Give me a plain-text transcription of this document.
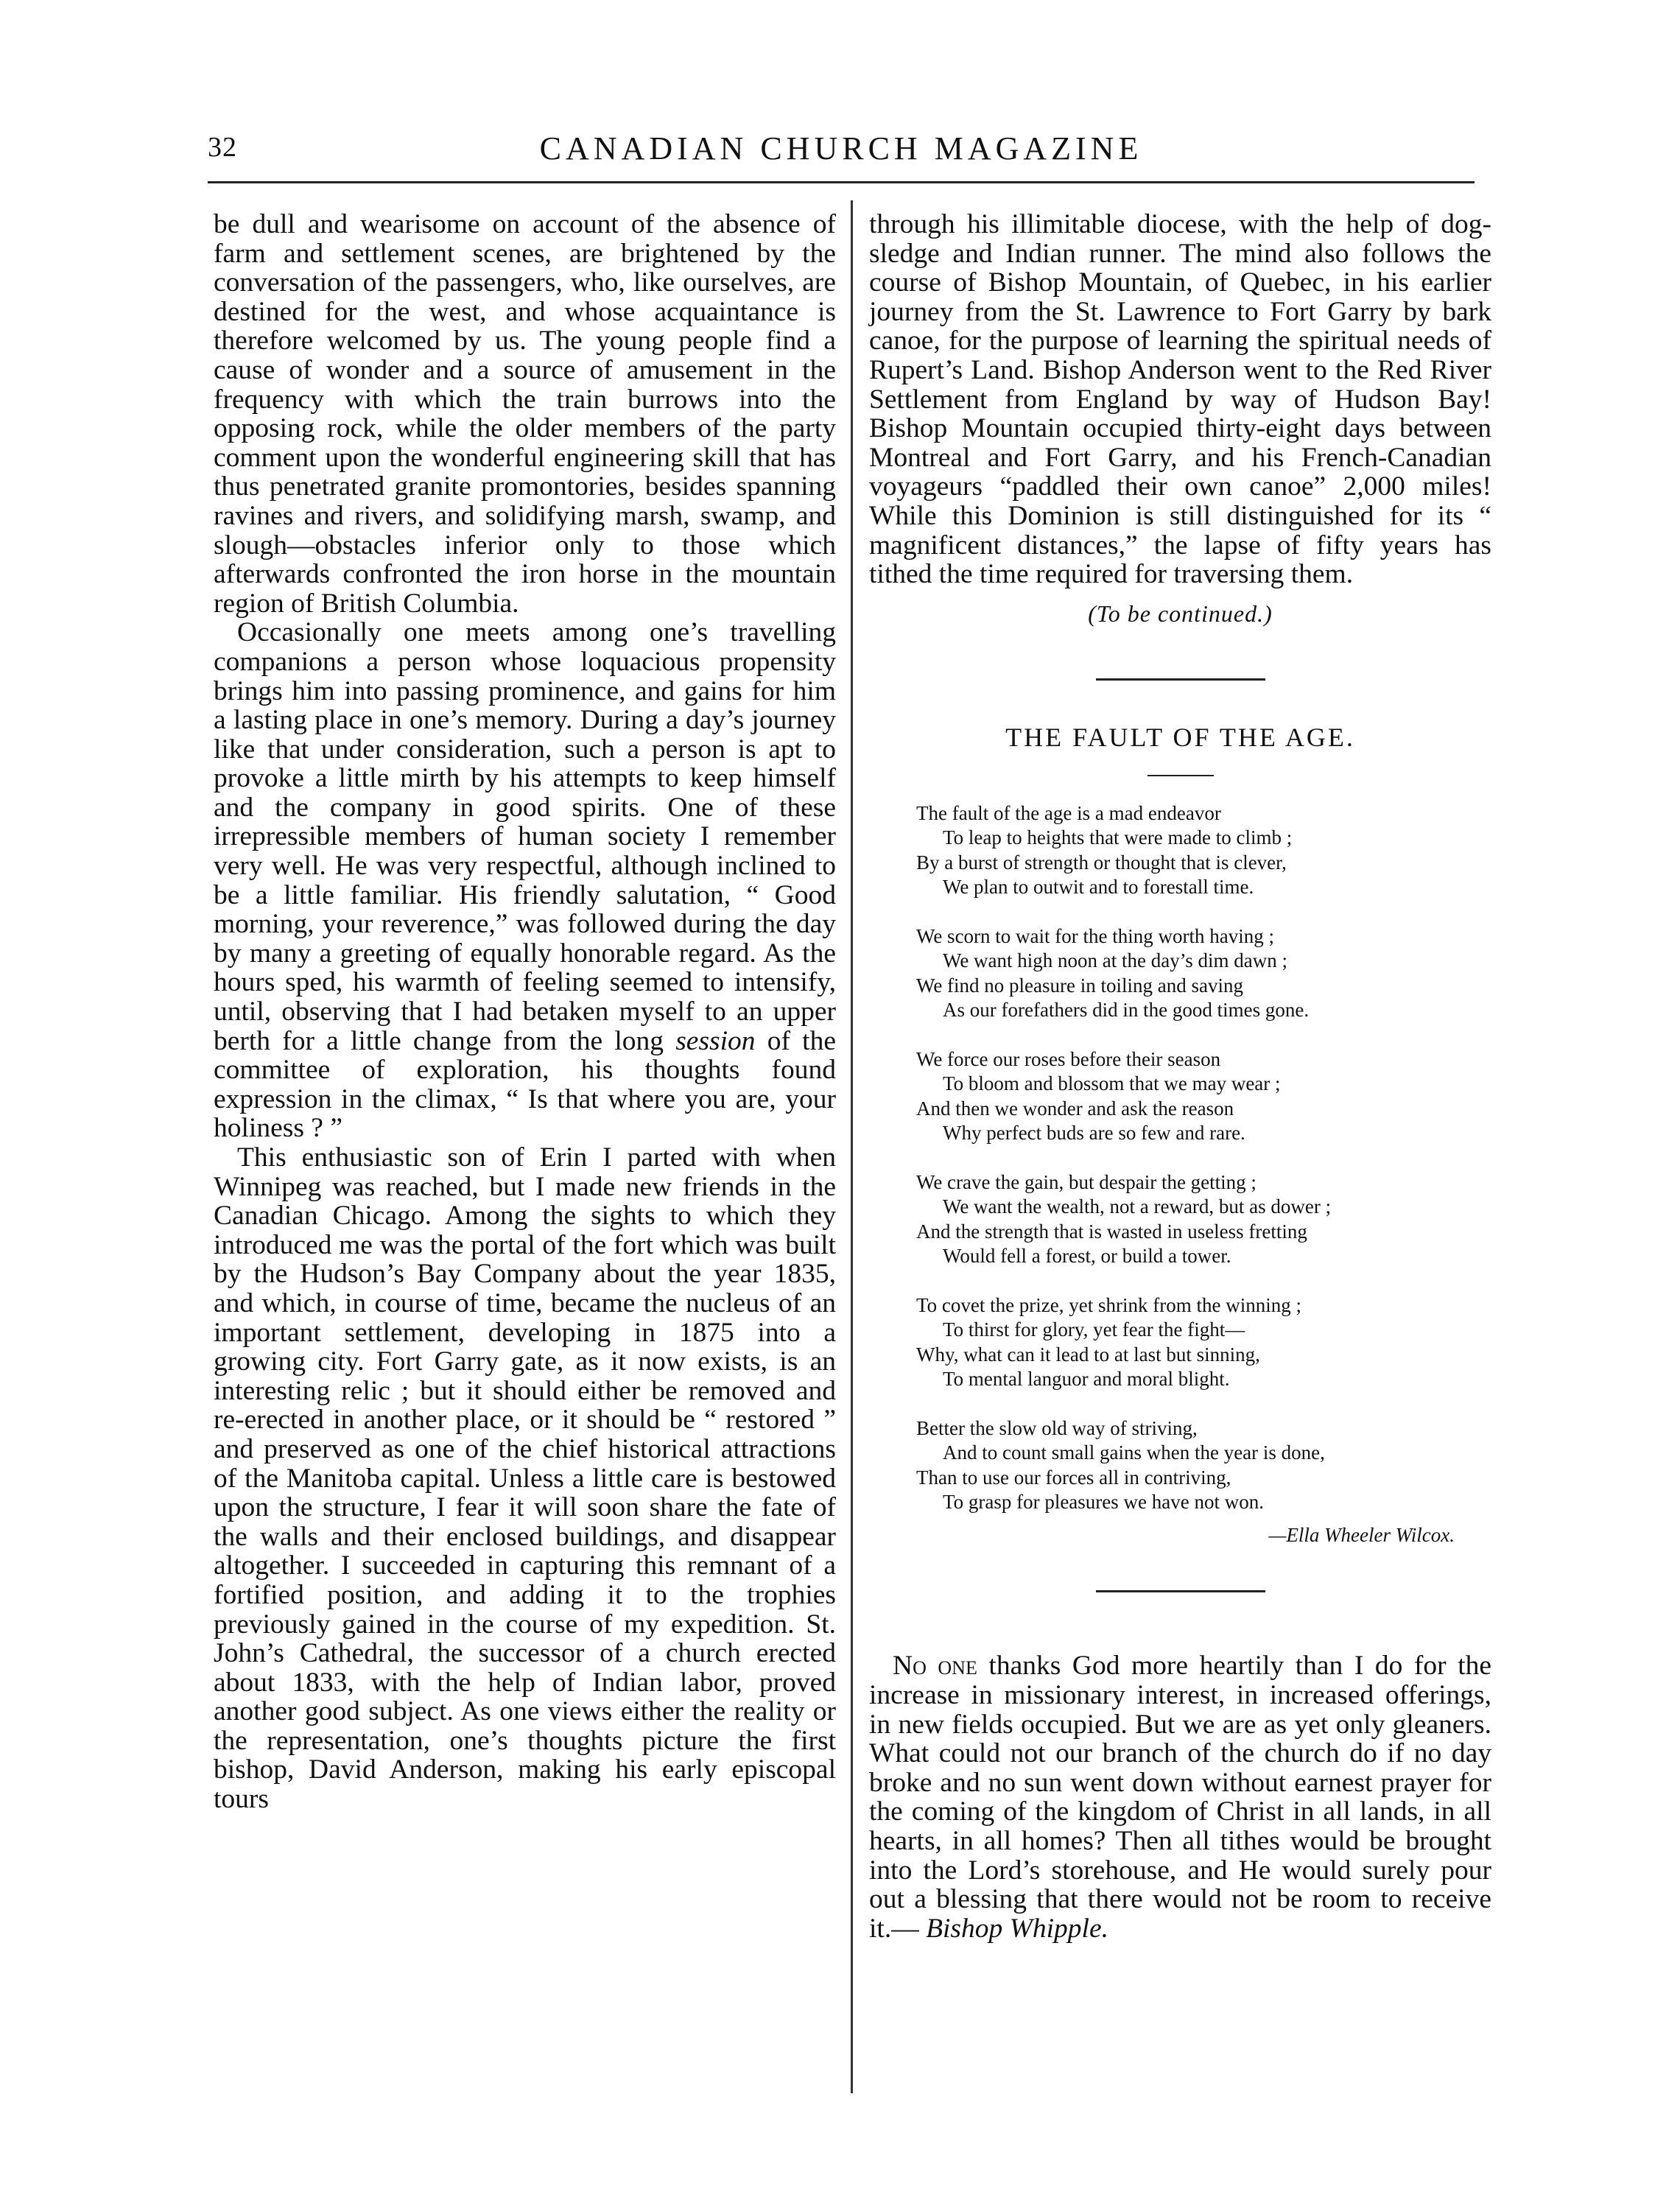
32	CANADIAN CHURCH MAGAZINE

be dull and wearisome on account of the absence of farm and settlement scenes, are brightened by the conversation of the passengers, who, like ourselves, are destined for the west, and whose acquaintance is therefore welcomed by us. The young people find a cause of wonder and a source of amusement in the frequency with which the train burrows into the opposing rock, while the older members of the party comment upon the wonderful engineering skill that has thus penetrated granite promontories, besides spanning ravines and rivers, and solidifying marsh, swamp, and slough—obstacles inferior only to those which afterwards confronted the iron horse in the mountain region of British Columbia.

Occasionally one meets among one’s travelling companions a person whose loquacious propensity brings him into passing prominence, and gains for him a lasting place in one’s memory. During a day’s journey like that under consideration, such a person is apt to provoke a little mirth by his attempts to keep himself and the company in good spirits. One of these irrepressible members of human society I remember very well. He was very respectful, although inclined to be a little familiar. His friendly salutation, “ Good morning, your reverence,” was followed during the day by many a greeting of equally honorable regard. As the hours sped, his warmth of feeling seemed to intensify, until, observing that I had betaken myself to an upper berth for a little change from the long session of the committee of exploration, his thoughts found expression in the climax, “ Is that where you are, your holiness ? ”

This enthusiastic son of Erin I parted with when Winnipeg was reached, but I made new friends in the Canadian Chicago. Among the sights to which they introduced me was the portal of the fort which was built by the Hudson’s Bay Company about the year 1835, and which, in course of time, became the nucleus of an important settlement, developing in 1875 into a growing city. Fort Garry gate, as it now exists, is an interesting relic ; but it should either be removed and re-erected in another place, or it should be “ restored ” and preserved as one of the chief historical attractions of the Manitoba capital. Unless a little care is bestowed upon the structure, I fear it will soon share the fate of the walls and their enclosed buildings, and disappear altogether. I succeeded in capturing this remnant of a fortified position, and adding it to the trophies previously gained in the course of my expedition. St. John’s Cathedral, the successor of a church erected about 1833, with the help of Indian labor, proved another good subject. As one views either the reality or the representation, one’s thoughts picture the first bishop, David Anderson, making his early episcopal tours

through his illimitable diocese, with the help of dog-sledge and Indian runner. The mind also follows the course of Bishop Mountain, of Quebec, in his earlier journey from the St. Lawrence to Fort Garry by bark canoe, for the purpose of learning the spiritual needs of Rupert’s Land. Bishop Anderson went to the Red River Settlement from England by way of Hudson Bay! Bishop Mountain occupied thirty-eight days between Montreal and Fort Garry, and his French-Canadian voyageurs “paddled their own canoe” 2,000 miles! While this Dominion is still distinguished for its “ magnificent distances,” the lapse of fifty years has tithed the time required for traversing them.

(To be continued.)
THE FAULT OF THE AGE.
The fault of the age is a mad endeavor
To leap to heights that were made to climb ;
By a burst of strength or thought that is clever,
We plan to outwit and to forestall time.
We scorn to wait for the thing worth having ;
We want high noon at the day’s dim dawn ;
We find no pleasure in toiling and saving
As our forefathers did in the good times gone.
We force our roses before their season
To bloom and blossom that we may wear ;
And then we wonder and ask the reason
Why perfect buds are so few and rare.
We crave the gain, but despair the getting ;
We want the wealth, not a reward, but as dower ;
And the strength that is wasted in useless fretting
Would fell a forest, or build a tower.
To covet the prize, yet shrink from the winning ;
To thirst for glory, yet fear the fight—
Why, what can it lead to at last but sinning,
To mental languor and moral blight.
Better the slow old way of striving,
And to count small gains when the year is done,
Than to use our forces all in contriving,
To grasp for pleasures we have not won.
—Ella Wheeler Wilcox.

No one thanks God more heartily than I do for the increase in missionary interest, in increased offerings, in new fields occupied. But we are as yet only gleaners. What could not our branch of the church do if no day broke and no sun went down without earnest prayer for the coming of the kingdom of Christ in all lands, in all hearts, in all homes? Then all tithes would be brought into the Lord’s storehouse, and He would surely pour out a blessing that there would not be room to receive it.— Bishop Whipple.
